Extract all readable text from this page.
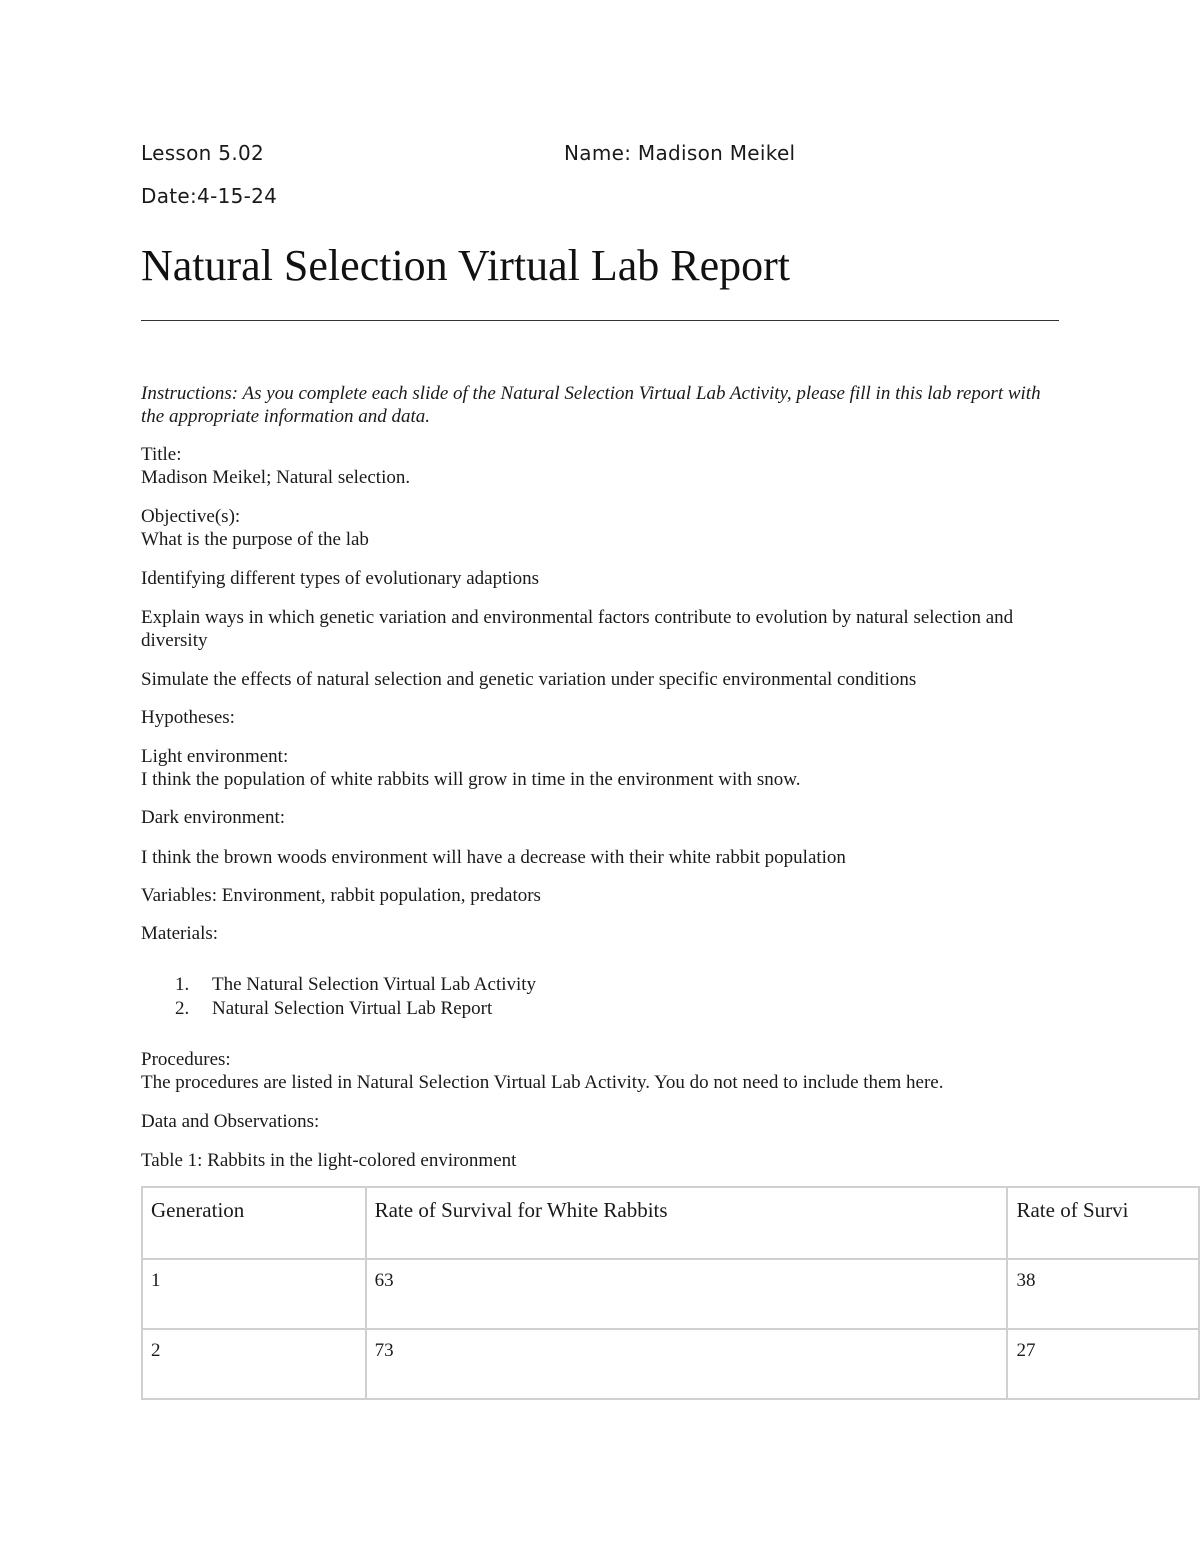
Lesson 5.02	Name: Madison Meikel
Date:4-15-24
Natural Selection Virtual Lab Report
Instructions: As you complete each slide of the Natural Selection Virtual Lab Activity, please fill in this lab report with the appropriate information and data.
Title:
Madison Meikel; Natural selection.
Objective(s):
What is the purpose of the lab
Identifying different types of evolutionary adaptions
Explain ways in which genetic variation and environmental factors contribute to evolution by natural selection and diversity
Simulate the effects of natural selection and genetic variation under specific environmental conditions
Hypotheses:
Light environment:
I think the population of white rabbits will grow in time in the environment with snow.
Dark environment:
I think the brown woods environment will have a decrease with their white rabbit population
Variables: Environment, rabbit population, predators
Materials:
1. The Natural Selection Virtual Lab Activity
2. Natural Selection Virtual Lab Report
Procedures:
The procedures are listed in Natural Selection Virtual Lab Activity. You do not need to include them here.
Data and Observations:
Table 1: Rabbits in the light-colored environment
Generation	Rate of Survival for White Rabbits	Rate of Survi
1	63	38
2	73	27
